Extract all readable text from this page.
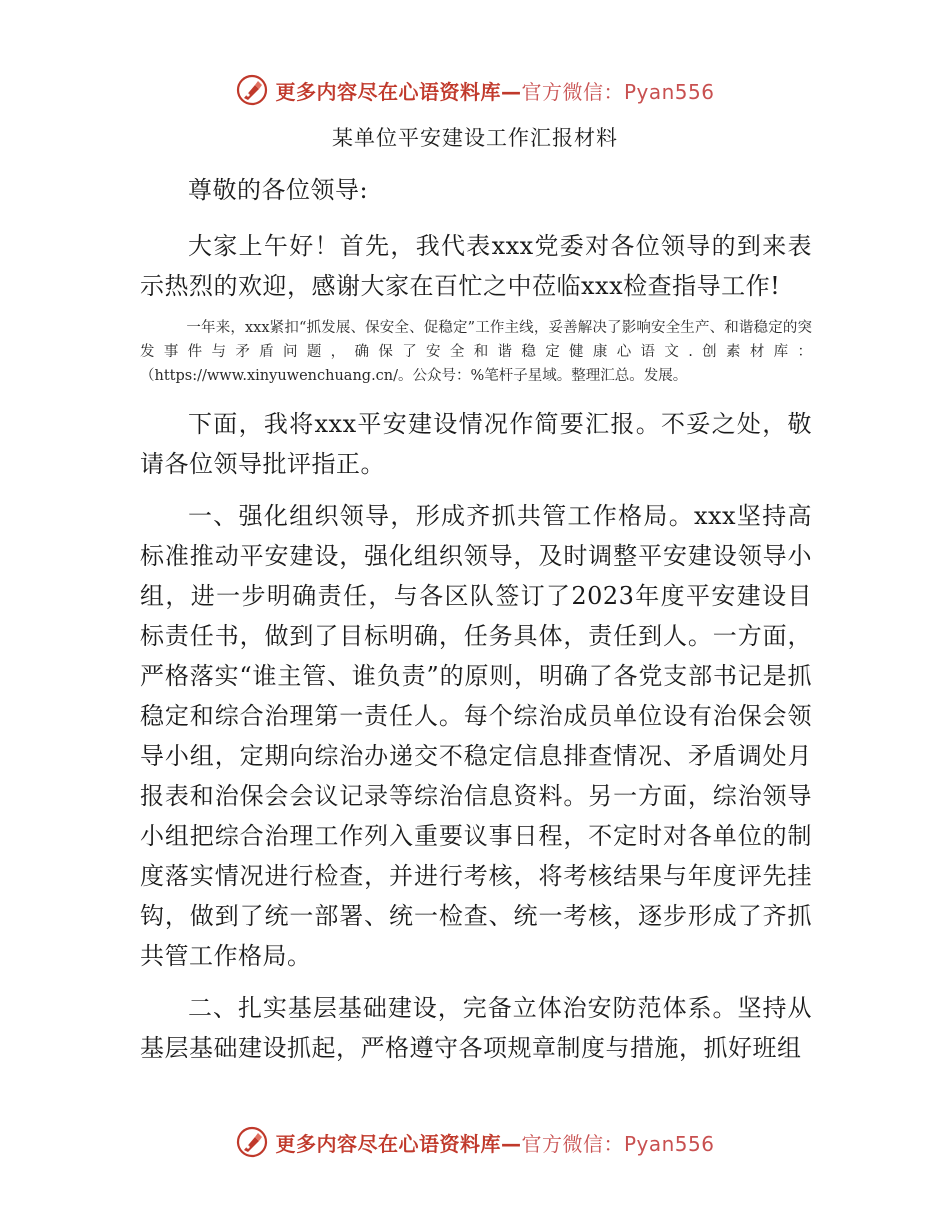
更多内容尽在心语资料库—官方微信：Pyan556
某单位平安建设工作汇报材料

尊敬的各位领导:

大家上午好！首先，我代表xxx党委对各位领导的到来表示热烈的欢迎，感谢大家在百忙之中莅临xxx检查指导工作!

一年来，xxx紧扣“抓发展、保安全、促稳定”工作主线，妥善解决了影响安全生产、和谐稳定的突发事件与矛盾问题，确保了安全和谐稳定健康心语文.创素材库：（https://www.xinyuwenchuang.cn/。公众号：%笔杆子星域。整理汇总。发展。

下面，我将xxx平安建设情况作简要汇报。不妥之处，敬请各位领导批评指正。

一、强化组织领导，形成齐抓共管工作格局。xxx坚持高标准推动平安建设，强化组织领导，及时调整平安建设领导小组，进一步明确责任，与各区队签订了2023年度平安建设目标责任书，做到了目标明确，任务具体，责任到人。一方面，严格落实“谁主管、谁负责”的原则，明确了各党支部书记是抓稳定和综合治理第一责任人。每个综治成员单位设有治保会领导小组，定期向综治办递交不稳定信息排查情况、矛盾调处月报表和治保会会议记录等综治信息资料。另一方面，综治领导小组把综合治理工作列入重要议事日程，不定时对各单位的制度落实情况进行检查，并进行考核，将考核结果与年度评先挂钩，做到了统一部署、统一检查、统一考核，逐步形成了齐抓共管工作格局。

二、扎实基层基础建设，完备立体治安防范体系。坚持从基层基础建设抓起，严格遵守各项规章制度与措施，抓好班组

更多内容尽在心语资料库—官方微信：Pyan556
